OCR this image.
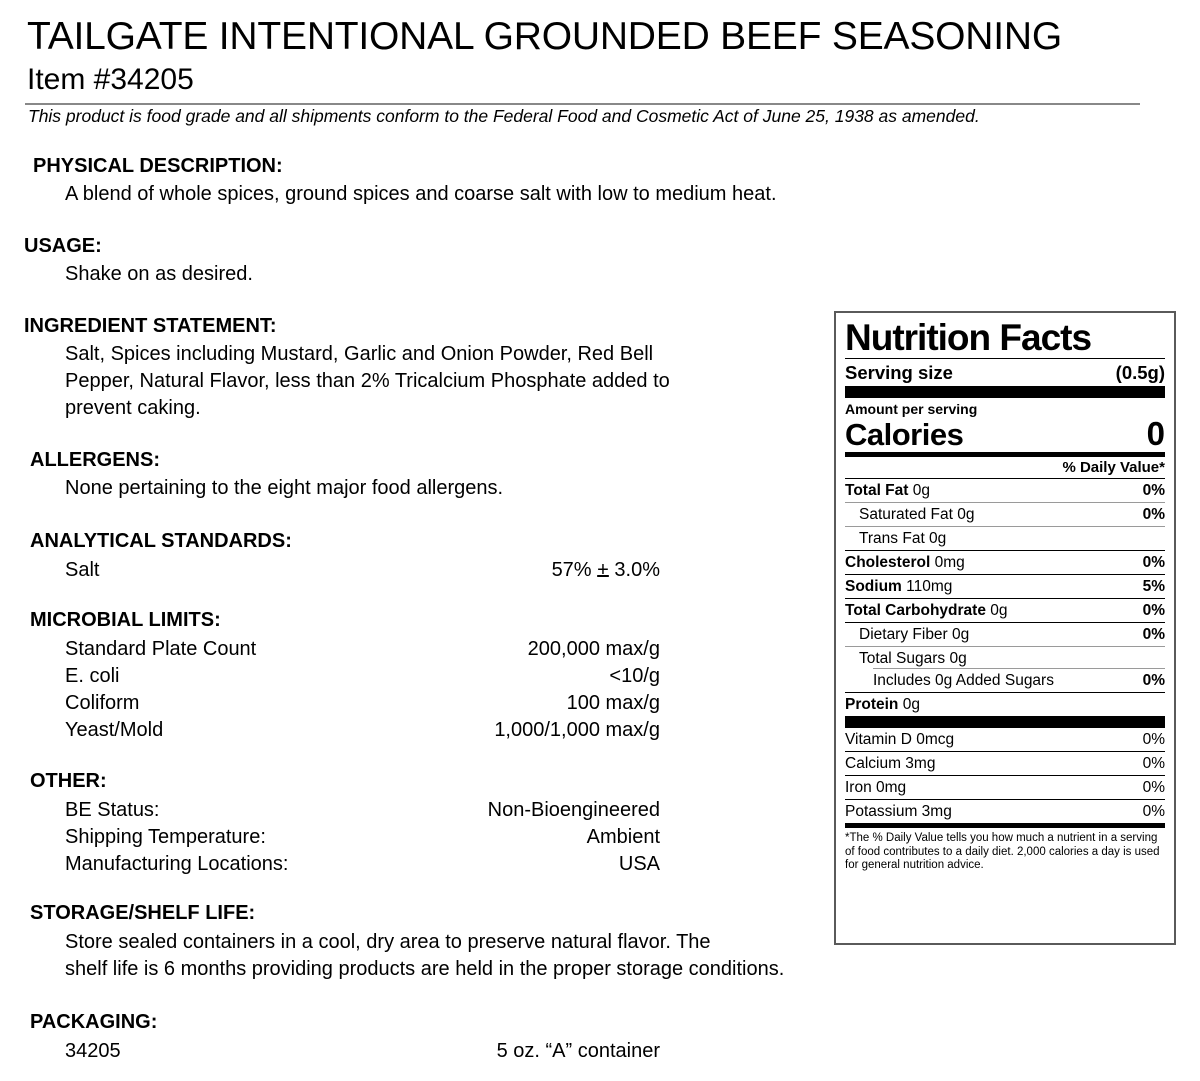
TAILGATE INTENTIONAL GROUNDED BEEF SEASONING
Item #34205
This product is food grade and all shipments conform to the Federal Food and Cosmetic Act of June 25, 1938 as amended.
PHYSICAL DESCRIPTION:
A blend of whole spices, ground spices and coarse salt with low to medium heat.
USAGE:
Shake on as desired.
INGREDIENT STATEMENT:
Salt, Spices including Mustard, Garlic and Onion Powder, Red Bell
Pepper, Natural Flavor, less than 2% Tricalcium Phosphate added to
prevent caking.
ALLERGENS:
None pertaining to the eight major food allergens.
ANALYTICAL STANDARDS:
Salt	57% + 3.0%
MICROBIAL LIMITS:
Standard Plate Count	200,000 max/g
E. coli	<10/g
Coliform	100 max/g
Yeast/Mold	1,000/1,000 max/g
OTHER:
BE Status:	Non-Bioengineered
Shipping Temperature:	Ambient
Manufacturing Locations:	USA
STORAGE/SHELF LIFE:
Store sealed containers in a cool, dry area to preserve natural flavor. The
shelf life is 6 months providing products are held in the proper storage conditions.
PACKAGING:
34205	5 oz. “A” container
Nutrition Facts
Serving size	(0.5g)
Amount per serving
Calories	0
% Daily Value*
Total Fat 0g	0%
Saturated Fat 0g	0%
Trans Fat 0g
Cholesterol 0mg	0%
Sodium 110mg	5%
Total Carbohydrate 0g	0%
Dietary Fiber 0g	0%
Total Sugars 0g
Includes 0g Added Sugars	0%
Protein 0g
Vitamin D 0mcg	0%
Calcium 3mg	0%
Iron 0mg	0%
Potassium 3mg	0%
*The % Daily Value tells you how much a nutrient in a serving of food contributes to a daily diet. 2,000 calories a day is used for general nutrition advice.
